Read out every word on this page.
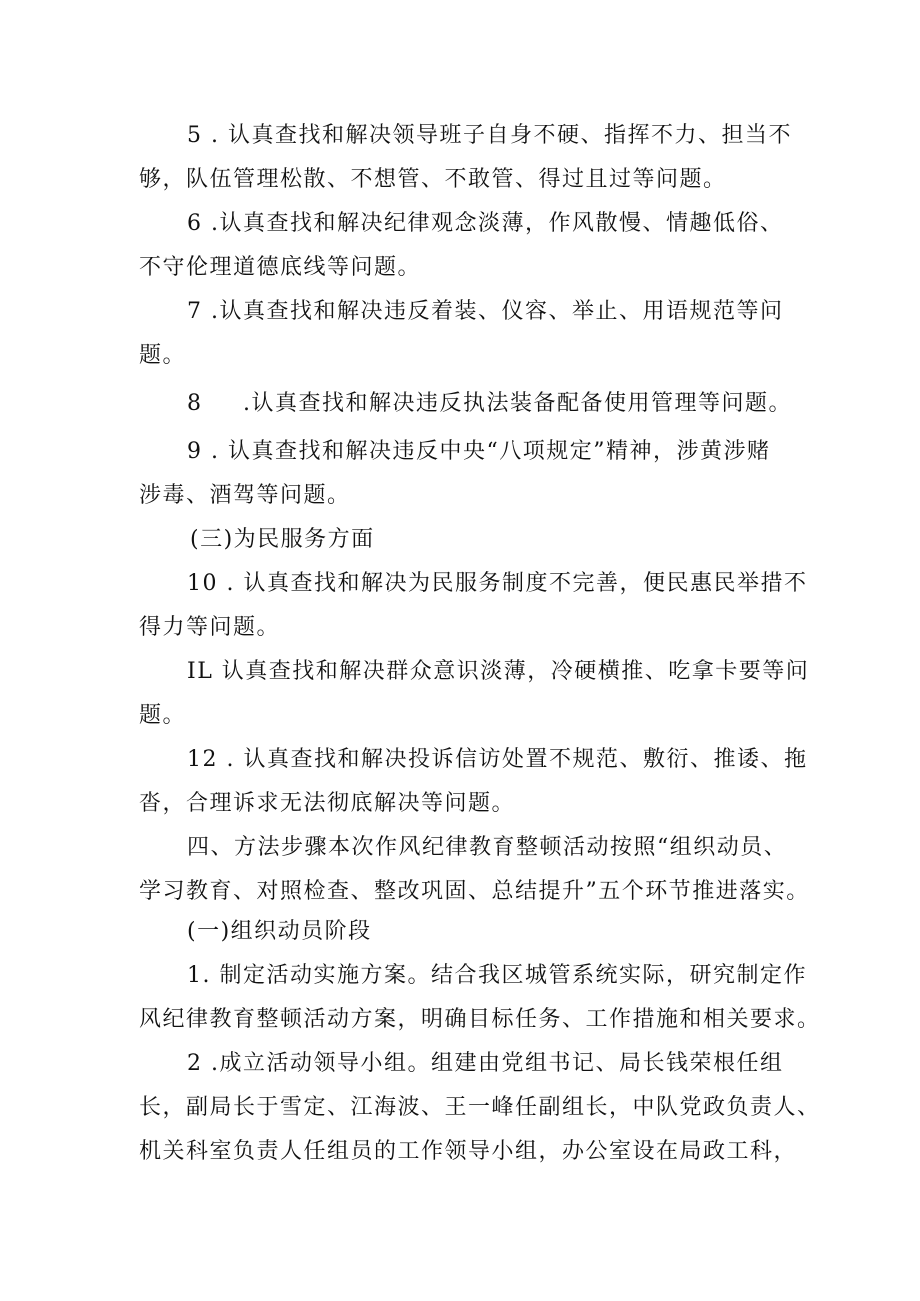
5 . 认真查找和解决领导班子自身不硬、指挥不力、担当不
够，队伍管理松散、不想管、不敢管、得过且过等问题。
6 .认真查找和解决纪律观念淡薄，作风散慢、情趣低俗、
不守伦理道德底线等问题。
7 .认真查找和解决违反着装、仪容、举止、用语规范等问
题。
8	.认真查找和解决违反执法装备配备使用管理等问题。
9 . 认真查找和解决违反中央“八项规定”精神，涉黄涉赌
涉毒、酒驾等问题。
(三)为民服务方面
10 . 认真查找和解决为民服务制度不完善，便民惠民举措不
得力等问题。
IL 认真查找和解决群众意识淡薄，冷硬横推、吃拿卡要等问
题。
12 . 认真查找和解决投诉信访处置不规范、敷衍、推诿、拖
沓，合理诉求无法彻底解决等问题。
四、方法步骤本次作风纪律教育整顿活动按照“组织动员、
学习教育、对照检查、整改巩固、总结提升”五个环节推进落实。
(一)组织动员阶段
1. 制定活动实施方案。结合我区城管系统实际，研究制定作
风纪律教育整顿活动方案，明确目标任务、工作措施和相关要求。
2 .成立活动领导小组。组建由党组书记、局长钱荣根任组
长，副局长于雪定、江海波、王一峰任副组长，中队党政负责人、
机关科室负责人任组员的工作领导小组，办公室设在局政工科，
